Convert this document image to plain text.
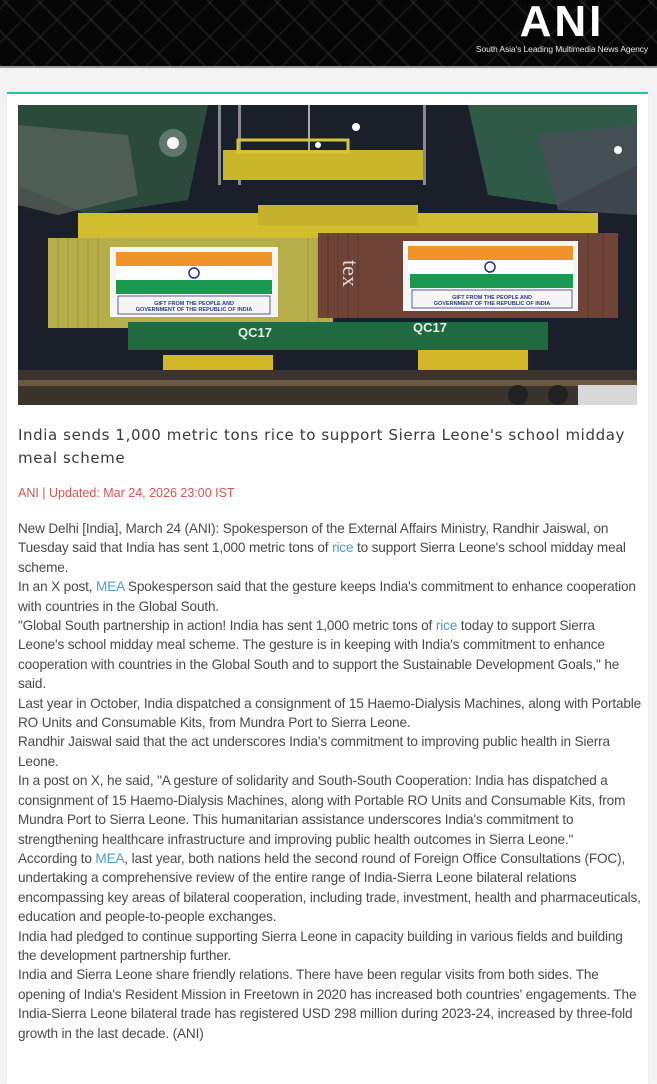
ANI
South Asia's Leading Multimedia News Agency
tex
GIFT FROM THE PEOPLE AND
GOVERNMENT OF THE REPUBLIC OF INDIA
GIFT FROM THE PEOPLE AND
GOVERNMENT OF THE REPUBLIC OF INDIA
QC17	QC17
India sends 1,000 metric tons rice to support Sierra Leone's school midday meal scheme
ANI | Updated: Mar 24, 2026 23:00 IST

New Delhi [India], March 24 (ANI): Spokesperson of the External Affairs Ministry, Randhir Jaiswal, on Tuesday said that India has sent 1,000 metric tons of rice to support Sierra Leone's school midday meal scheme.

In an X post, MEA Spokesperson said that the gesture keeps India's commitment to enhance cooperation with countries in the Global South.

"Global South partnership in action! India has sent 1,000 metric tons of rice today to support Sierra Leone's school midday meal scheme. The gesture is in keeping with India's commitment to enhance cooperation with countries in the Global South and to support the Sustainable Development Goals," he said.

Last year in October, India dispatched a consignment of 15 Haemo-Dialysis Machines, along with Portable RO Units and Consumable Kits, from Mundra Port to Sierra Leone.

Randhir Jaiswal said that the act underscores India's commitment to improving public health in Sierra Leone.

In a post on X, he said, "A gesture of solidarity and South-South Cooperation: India has dispatched a consignment of 15 Haemo-Dialysis Machines, along with Portable RO Units and Consumable Kits, from Mundra Port to Sierra Leone. This humanitarian assistance underscores India's commitment to strengthening healthcare infrastructure and improving public health outcomes in Sierra Leone."

According to MEA, last year, both nations held the second round of Foreign Office Consultations (FOC), undertaking a comprehensive review of the entire range of India-Sierra Leone bilateral relations encompassing key areas of bilateral cooperation, including trade, investment, health and pharmaceuticals, education and people-to-people exchanges.

India had pledged to continue supporting Sierra Leone in capacity building in various fields and building the development partnership further.

India and Sierra Leone share friendly relations. There have been regular visits from both sides. The opening of India's Resident Mission in Freetown in 2020 has increased both countries' engagements. The India-Sierra Leone bilateral trade has registered USD 298 million during 2023-24, increased by three-fold growth in the last decade. (ANI)
